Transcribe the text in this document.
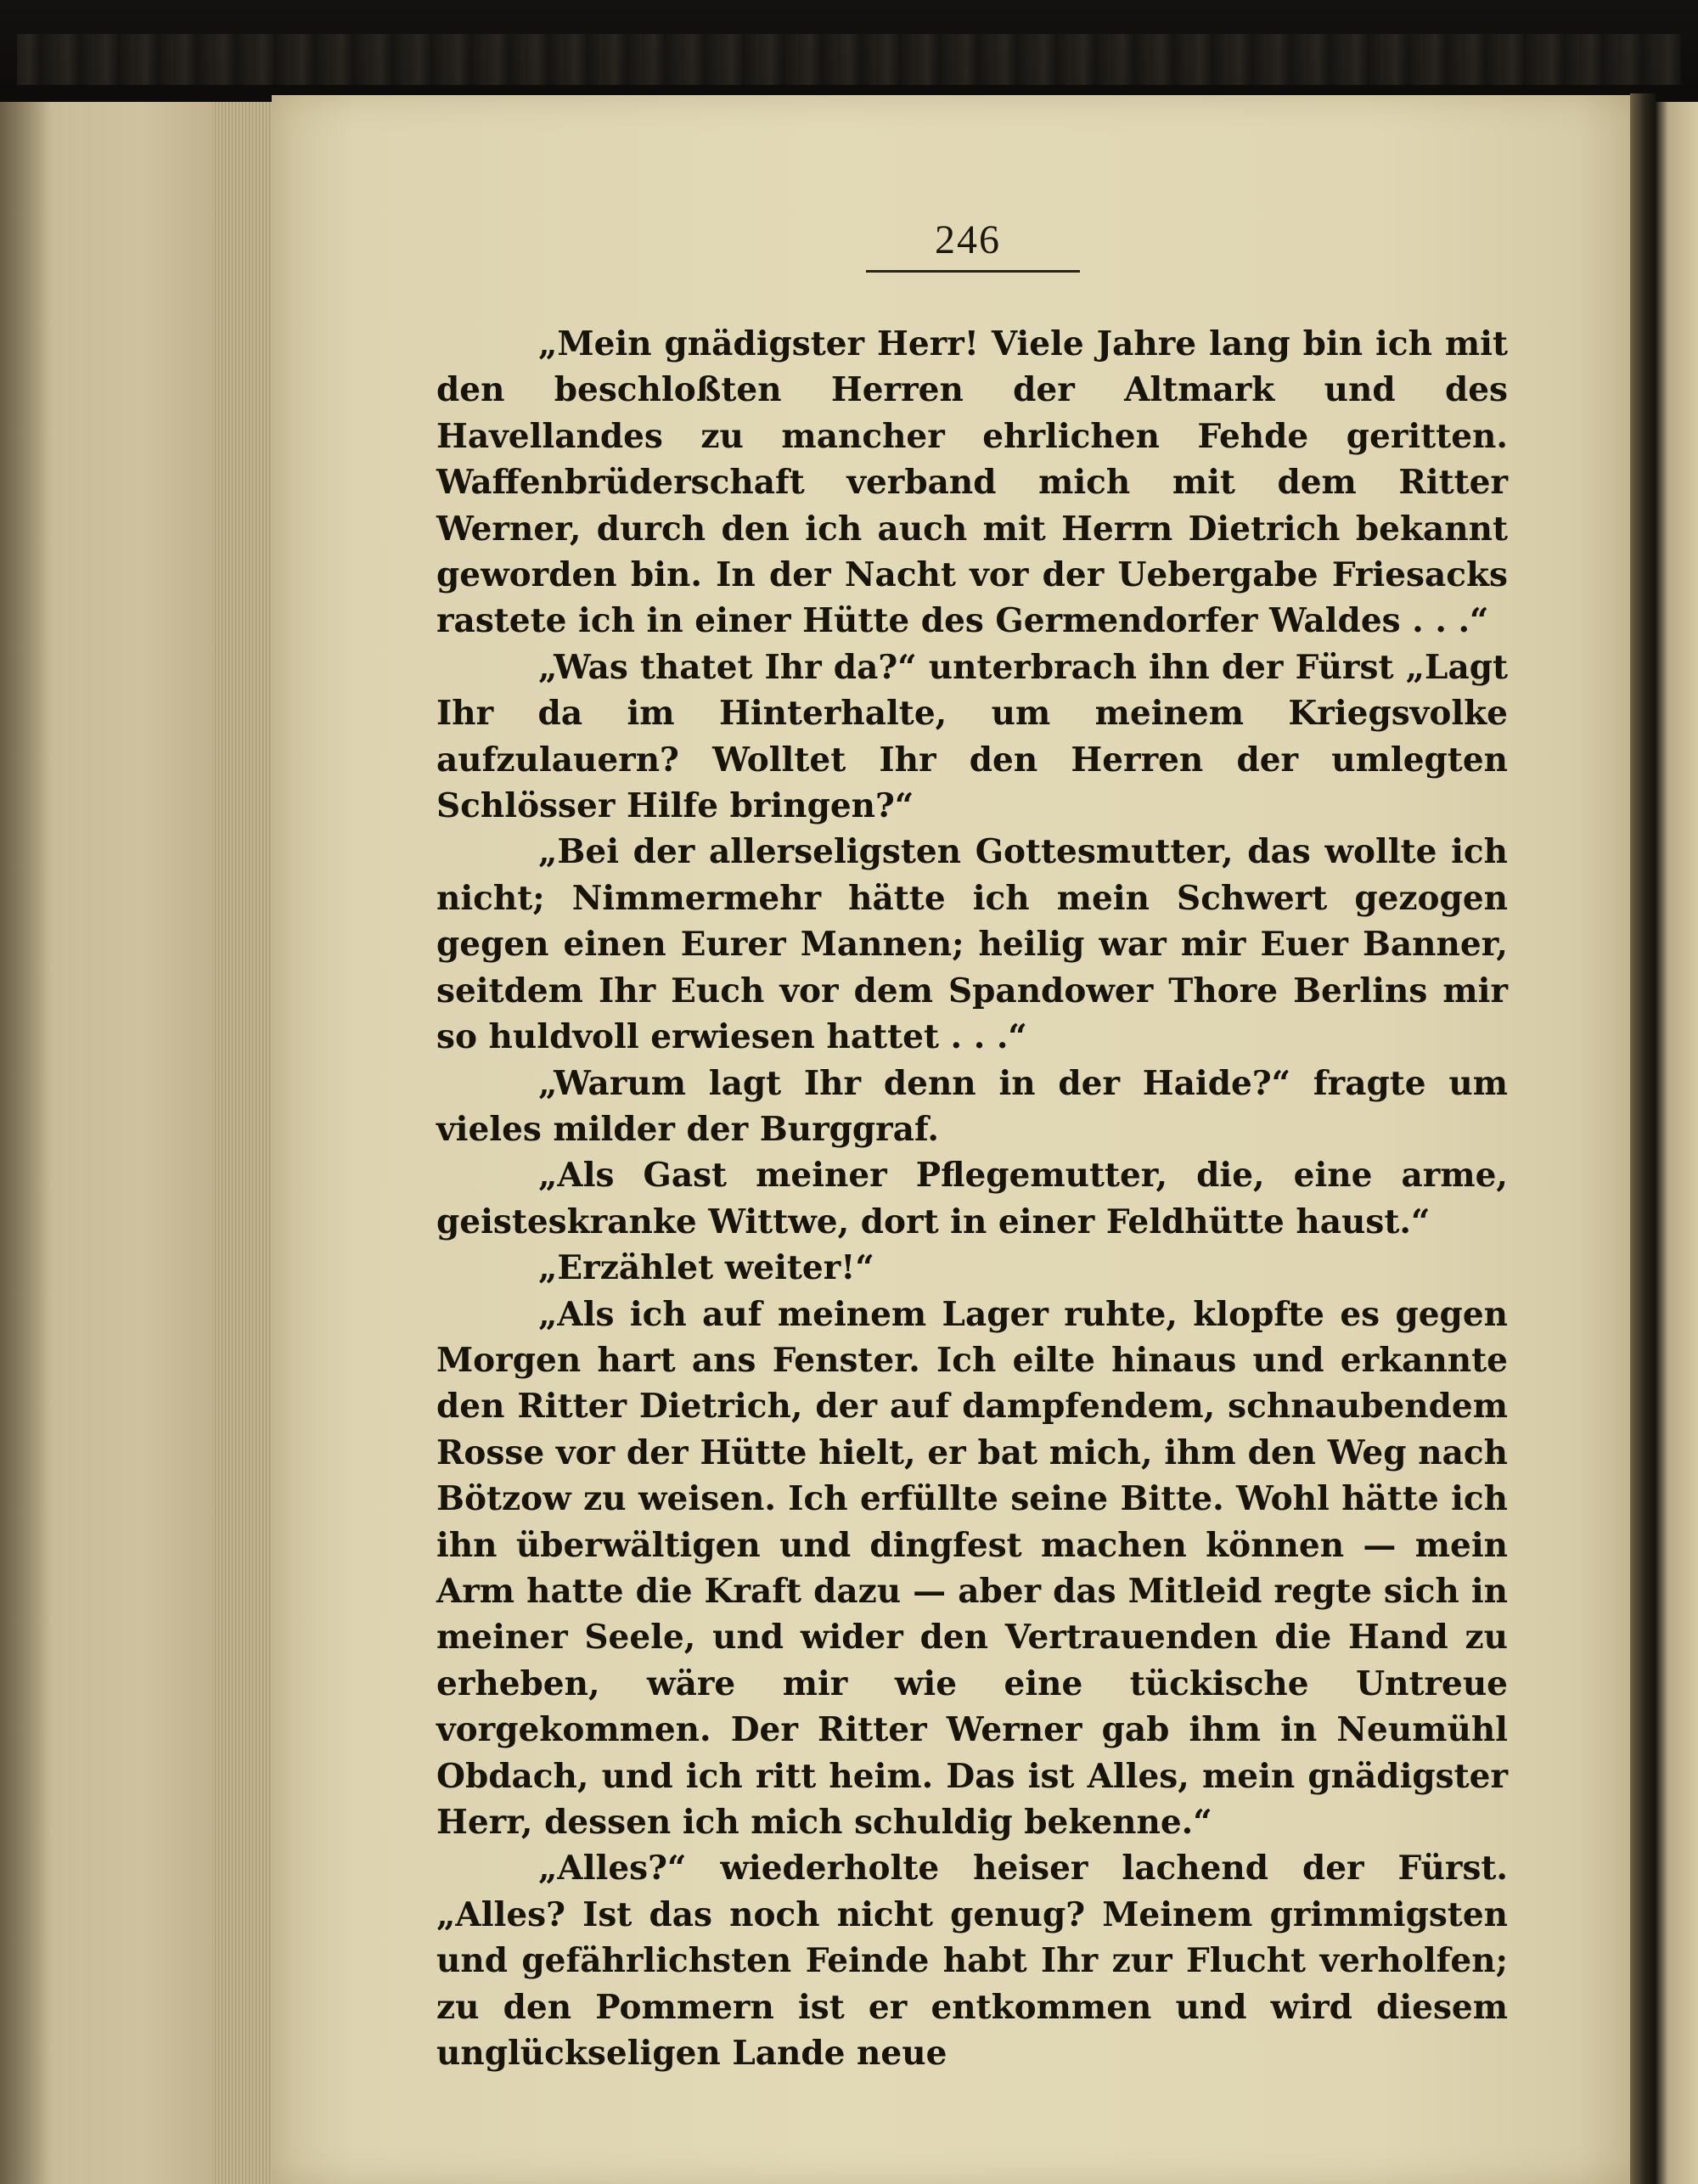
246

„Mein gnädigster Herr! Viele Jahre lang bin ich mit den beschloßten Herren der Altmark und des Havellandes zu mancher ehrlichen Fehde geritten. Waffenbrüderschaft verband mich mit dem Ritter Werner, durch den ich auch mit Herrn Dietrich bekannt geworden bin. In der Nacht vor der Uebergabe Friesacks rastete ich in einer Hütte des Germendorfer Waldes . . .“

„Was thatet Ihr da?“ unterbrach ihn der Fürst „Lagt Ihr da im Hinterhalte, um meinem Kriegsvolke aufzulauern? Wolltet Ihr den Herren der umlegten Schlösser Hilfe bringen?“

„Bei der allerseligsten Gottesmutter, das wollte ich nicht; Nimmermehr hätte ich mein Schwert gezogen gegen einen Eurer Mannen; heilig war mir Euer Banner, seitdem Ihr Euch vor dem Spandower Thore Berlins mir so huldvoll erwiesen hattet . . .“

„Warum lagt Ihr denn in der Haide?“ fragte um vieles milder der Burggraf.

„Als Gast meiner Pflegemutter, die, eine arme, geisteskranke Wittwe, dort in einer Feldhütte haust.“

„Erzählet weiter!“

„Als ich auf meinem Lager ruhte, klopfte es gegen Morgen hart ans Fenster. Ich eilte hinaus und erkannte den Ritter Dietrich, der auf dampfendem, schnaubendem Rosse vor der Hütte hielt, er bat mich, ihm den Weg nach Bötzow zu weisen. Ich erfüllte seine Bitte. Wohl hätte ich ihn überwältigen und dingfest machen können — mein Arm hatte die Kraft dazu — aber das Mitleid regte sich in meiner Seele, und wider den Vertrauenden die Hand zu erheben, wäre mir wie eine tückische Untreue vorgekommen. Der Ritter Werner gab ihm in Neumühl Obdach, und ich ritt heim. Das ist Alles, mein gnädigster Herr, dessen ich mich schuldig bekenne.“

„Alles?“ wiederholte heiser lachend der Fürst. „Alles? Ist das noch nicht genug? Meinem grimmigsten und gefährlichsten Feinde habt Ihr zur Flucht verholfen; zu den Pommern ist er entkommen und wird diesem unglückseligen Lande neue
